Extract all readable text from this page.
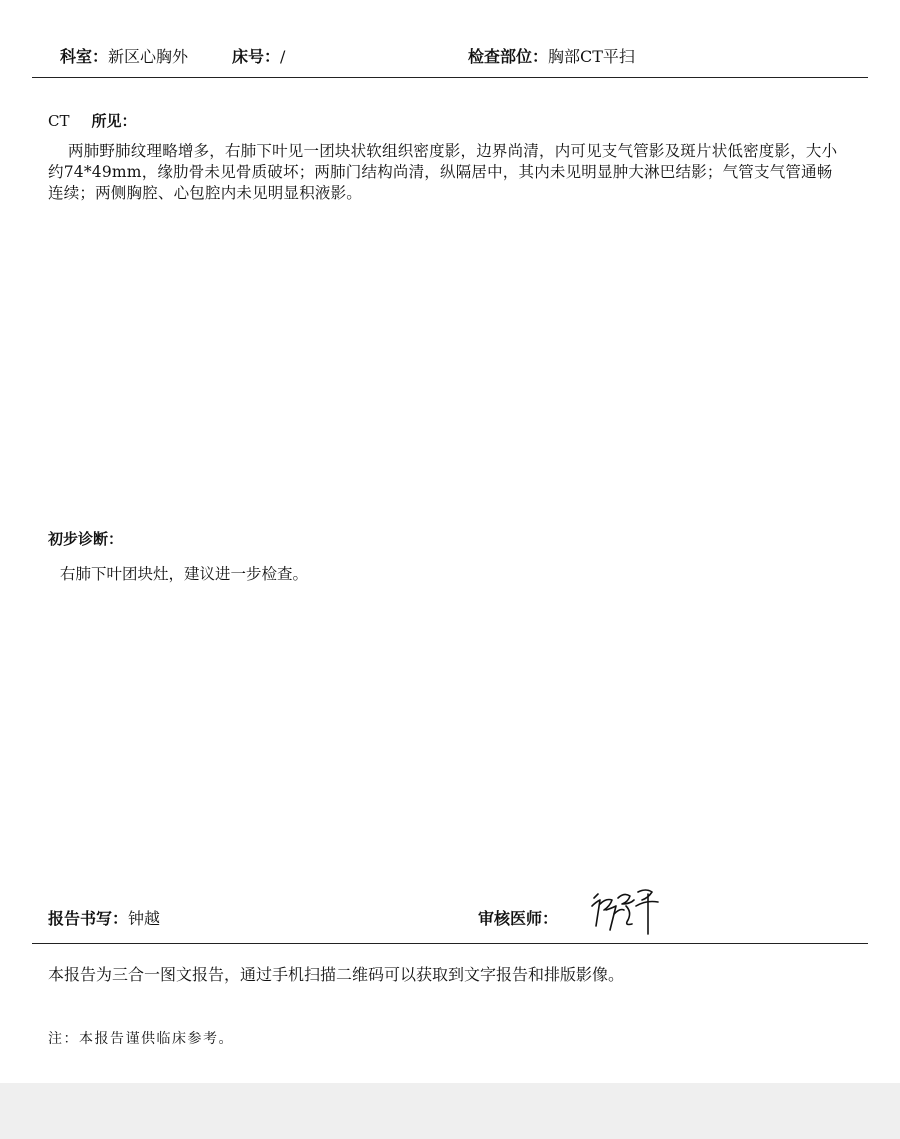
科室：新区心胸外	床号：/	检查部位：胸部CT平扫
CT 所见：
两肺野肺纹理略增多，右肺下叶见一团块状软组织密度影，边界尚清，内可见支气管影及斑片状低密度影，大小约74*49mm，缘肋骨未见骨质破坏；两肺门结构尚清，纵隔居中，其内未见明显肿大淋巴结影；气管支气管通畅连续；两侧胸腔、心包腔内未见明显积液影。
初步诊断：
右肺下叶团块灶，建议进一步检查。
报告书写：钟越	审核医师：
本报告为三合一图文报告，通过手机扫描二维码可以获取到文字报告和排版影像。
注：本报告谨供临床参考。
